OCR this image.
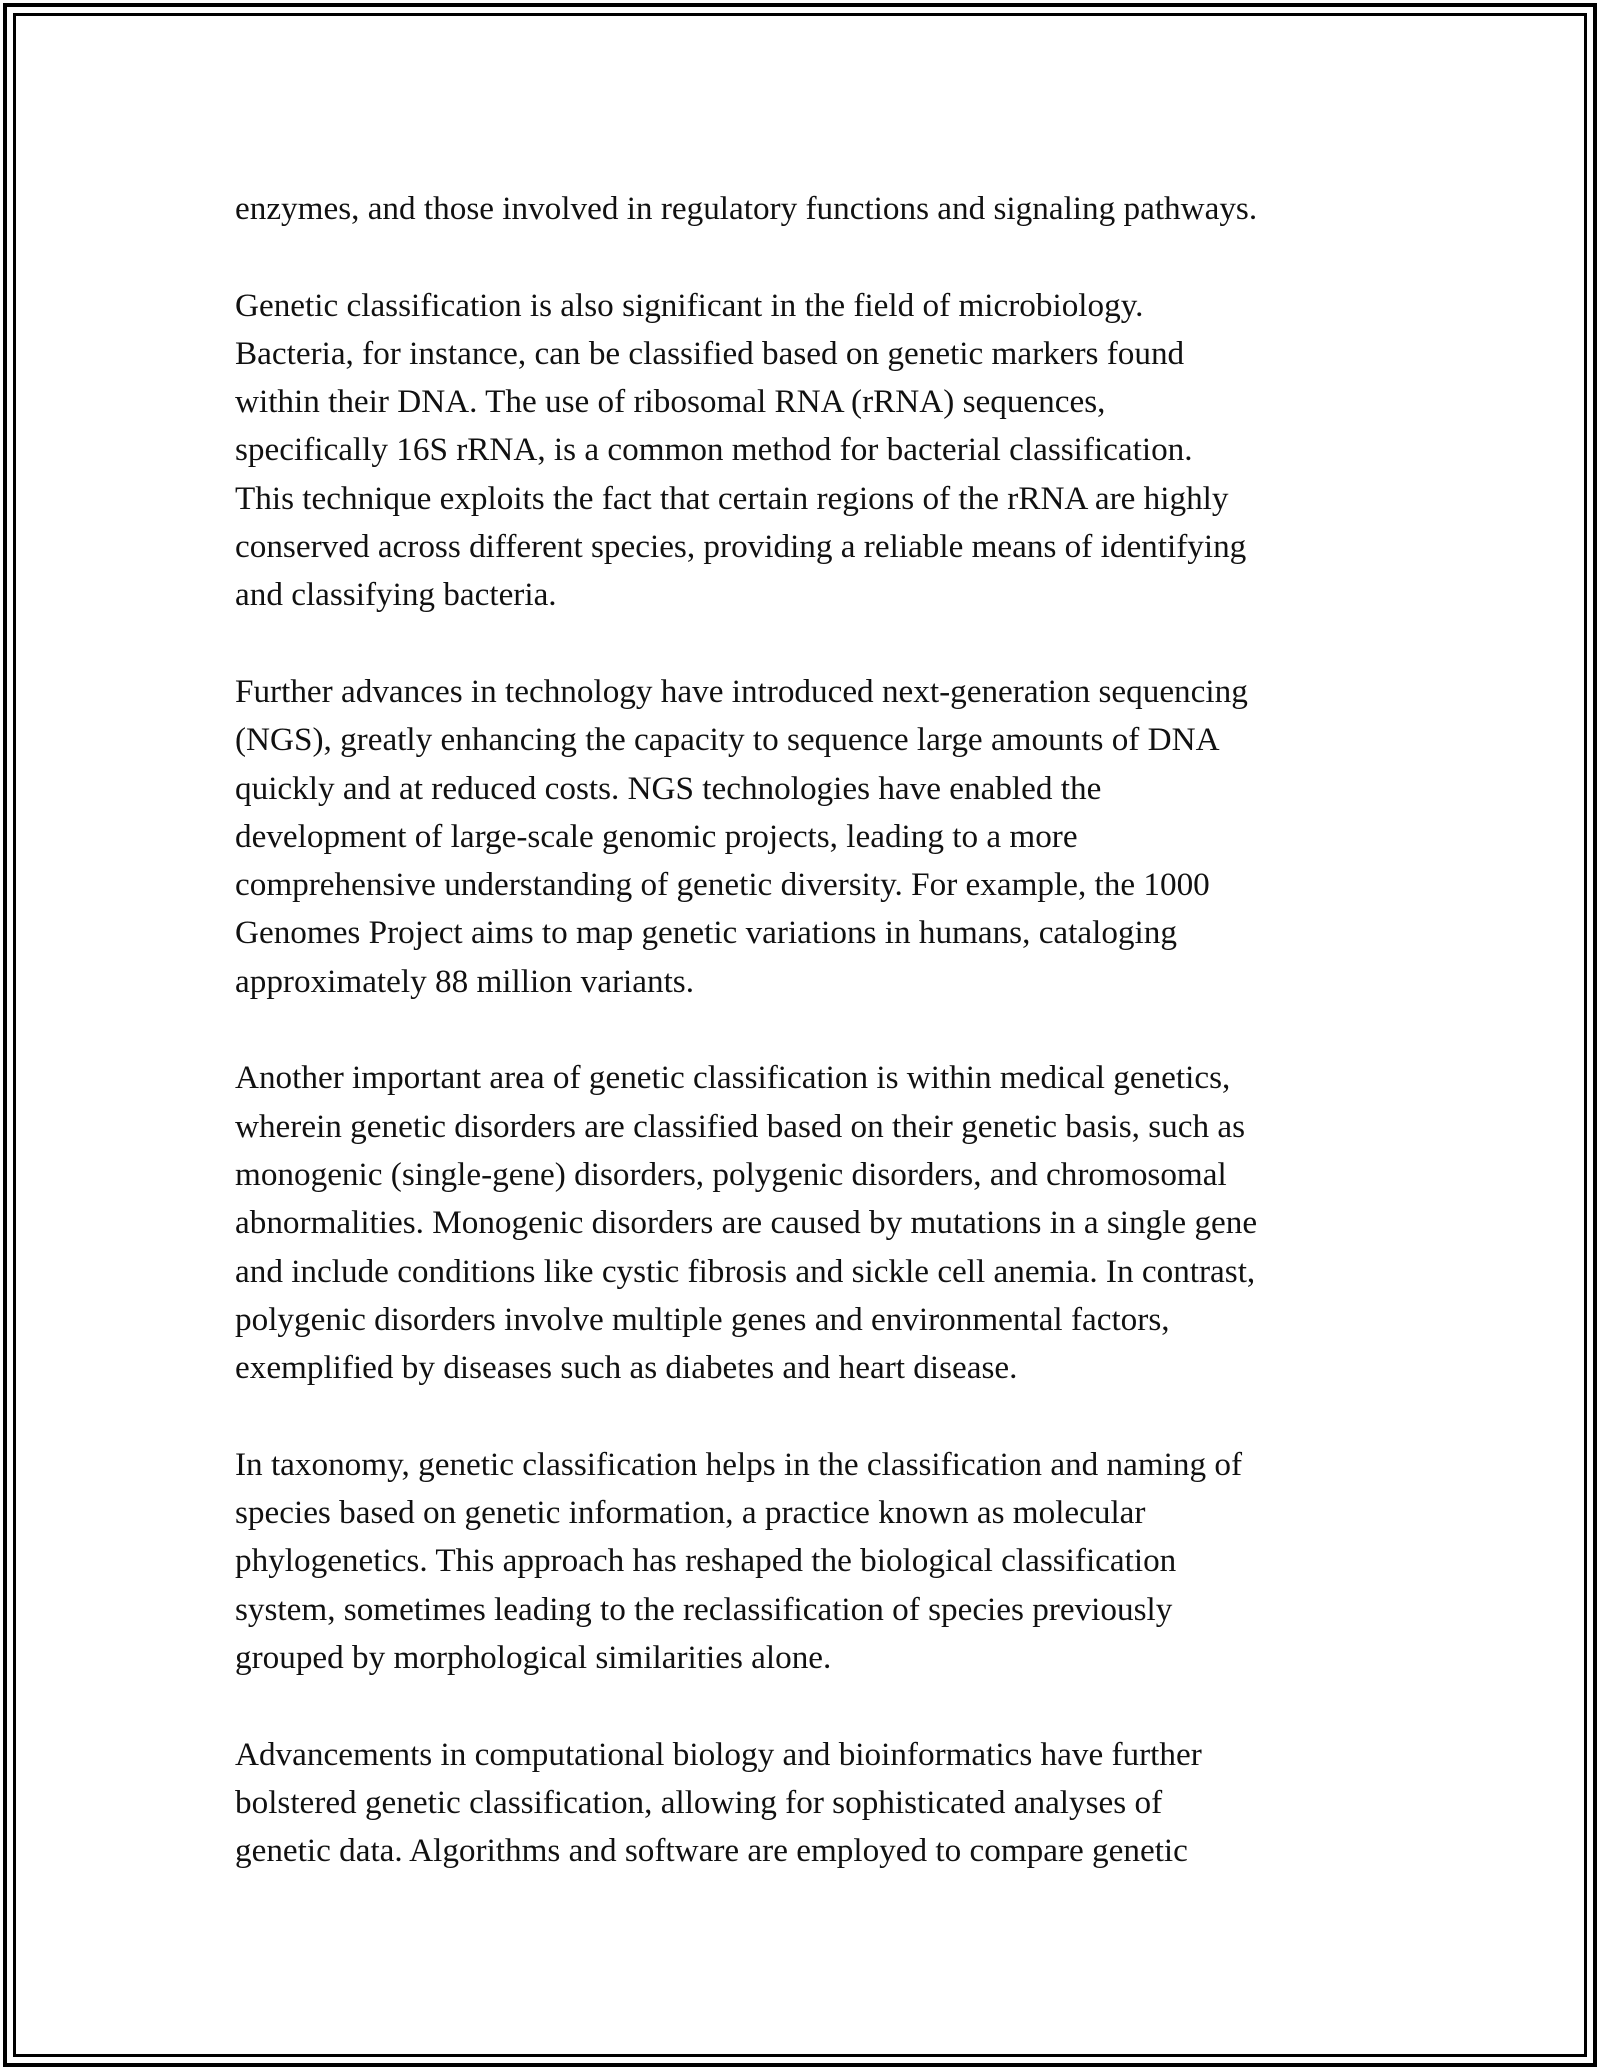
enzymes, and those involved in regulatory functions and signaling pathways.

Genetic classification is also significant in the field of microbiology.
Bacteria, for instance, can be classified based on genetic markers found
within their DNA. The use of ribosomal RNA (rRNA) sequences,
specifically 16S rRNA, is a common method for bacterial classification.
This technique exploits the fact that certain regions of the rRNA are highly
conserved across different species, providing a reliable means of identifying
and classifying bacteria.

Further advances in technology have introduced next-generation sequencing
(NGS), greatly enhancing the capacity to sequence large amounts of DNA
quickly and at reduced costs. NGS technologies have enabled the
development of large-scale genomic projects, leading to a more
comprehensive understanding of genetic diversity. For example, the 1000
Genomes Project aims to map genetic variations in humans, cataloging
approximately 88 million variants.

Another important area of genetic classification is within medical genetics,
wherein genetic disorders are classified based on their genetic basis, such as
monogenic (single-gene) disorders, polygenic disorders, and chromosomal
abnormalities. Monogenic disorders are caused by mutations in a single gene
and include conditions like cystic fibrosis and sickle cell anemia. In contrast,
polygenic disorders involve multiple genes and environmental factors,
exemplified by diseases such as diabetes and heart disease.

In taxonomy, genetic classification helps in the classification and naming of
species based on genetic information, a practice known as molecular
phylogenetics. This approach has reshaped the biological classification
system, sometimes leading to the reclassification of species previously
grouped by morphological similarities alone.

Advancements in computational biology and bioinformatics have further
bolstered genetic classification, allowing for sophisticated analyses of
genetic data. Algorithms and software are employed to compare genetic
